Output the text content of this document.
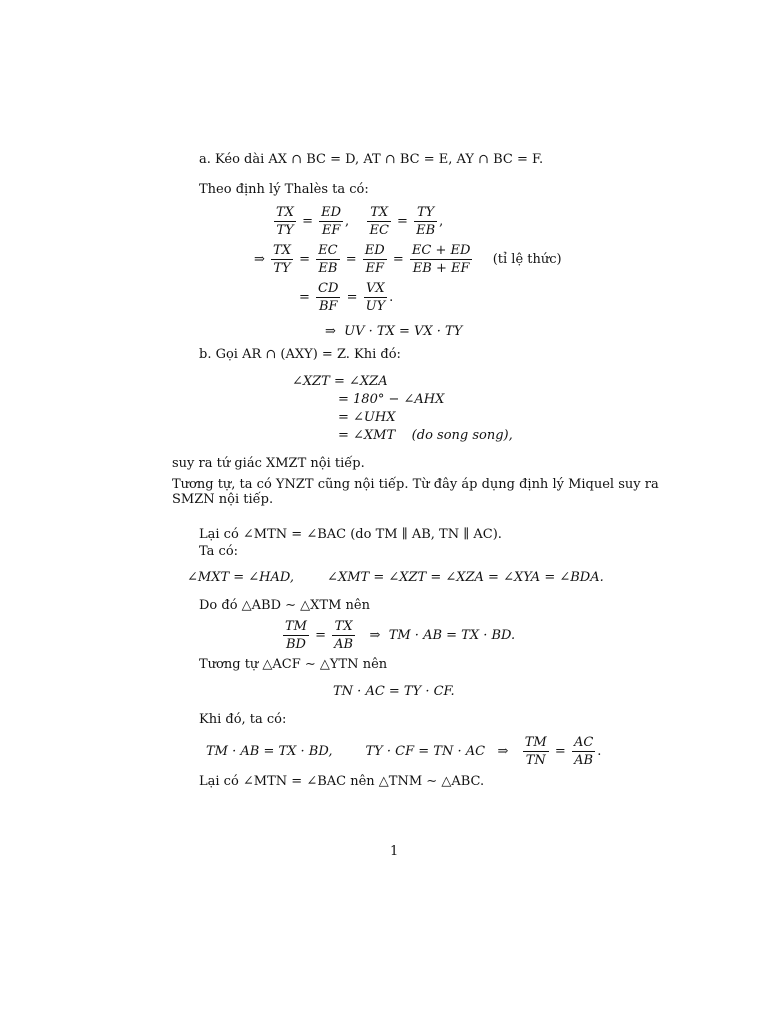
a. Kéo dài AX ∩ BC = D, AT ∩ BC = E, AY ∩ BC = F.
Theo định lý Thalès ta có:
$\frac{TX}{TY} = \frac{ED}{EF}$ , $\frac{TX}{EC} = \frac{TY}{EB}$ ,
⇒ $\frac{TX}{TY} = \frac{EC}{EB} = \frac{ED}{EF} = \frac{EC + ED}{EB + EF}$ (tỉ lệ thức)
= $\frac{CD}{BF} = \frac{VX}{UY}$ .
⇒  UV · TX = VX · TY
b. Gọi AR ∩ (AXY) = Z. Khi đó:
∠XZT = ∠XZA
= 180° − ∠AHX
= ∠UHX
= ∠XMT    (do song song),
suy ra tứ giác XMZT nội tiếp.
Tương tự, ta có YNZT cũng nội tiếp. Từ đây áp dụng định lý Miquel suy ra
SMZN nội tiếp.
Lại có ∠MTN = ∠BAC (do TM ∥ AB, TN ∥ AC).
Ta có:
∠MXT = ∠HAD,        ∠XMT = ∠XZT = ∠XZA = ∠XYA = ∠BDA.
Do đó △ABD ∼ △XTM nên
$\frac{TM}{BD} = \frac{TX}{AB}$ ⇒  TM · AB = TX · BD.
Tương tự △ACF ∼ △YTN nên
TN · AC = TY · CF.
Khi đó, ta có:
TM · AB = TX · BD,        TY · CF = TN · AC   ⇒ $\frac{TM}{TN} = \frac{AC}{AB}$ .
Lại có ∠MTN = ∠BAC nên △TNM ∼ △ABC.
1
